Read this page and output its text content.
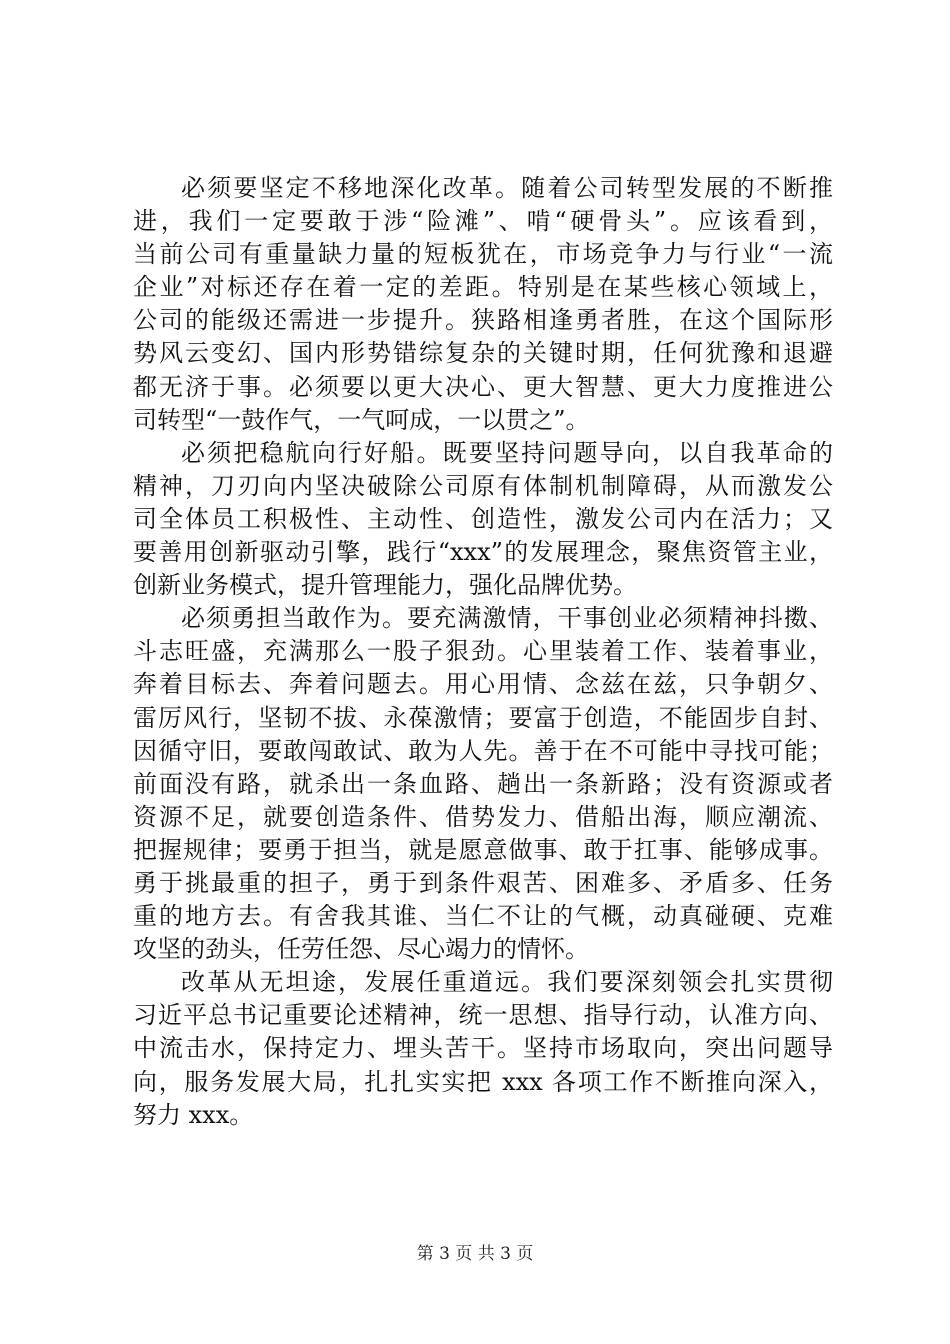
必须要坚定不移地深化改革。随着公司转型发展的不断推
进，我们一定要敢于涉“险滩”、啃“硬骨头”。应该看到，
当前公司有重量缺力量的短板犹在，市场竞争力与行业“一流
企业”对标还存在着一定的差距。特别是在某些核心领域上，
公司的能级还需进一步提升。狭路相逢勇者胜，在这个国际形
势风云变幻、国内形势错综复杂的关键时期，任何犹豫和退避
都无济于事。必须要以更大决心、更大智慧、更大力度推进公
司转型“一鼓作气，一气呵成，一以贯之”。
必须把稳航向行好船。既要坚持问题导向，以自我革命的
精神，刀刃向内坚决破除公司原有体制机制障碍，从而激发公
司全体员工积极性、主动性、创造性，激发公司内在活力；又
要善用创新驱动引擎，践行“xxx”的发展理念，聚焦资管主业，
创新业务模式，提升管理能力，强化品牌优势。
必须勇担当敢作为。要充满激情，干事创业必须精神抖擞、
斗志旺盛，充满那么一股子狠劲。心里装着工作、装着事业，
奔着目标去、奔着问题去。用心用情、念兹在兹，只争朝夕、
雷厉风行，坚韧不拔、永葆激情；要富于创造，不能固步自封、
因循守旧，要敢闯敢试、敢为人先。善于在不可能中寻找可能；
前面没有路，就杀出一条血路、趟出一条新路；没有资源或者
资源不足，就要创造条件、借势发力、借船出海，顺应潮流、
把握规律；要勇于担当，就是愿意做事、敢于扛事、能够成事。
勇于挑最重的担子，勇于到条件艰苦、困难多、矛盾多、任务
重的地方去。有舍我其谁、当仁不让的气概，动真碰硬、克难
攻坚的劲头，任劳任怨、尽心竭力的情怀。
改革从无坦途，发展任重道远。我们要深刻领会扎实贯彻
习近平总书记重要论述精神，统一思想、指导行动，认准方向、
中流击水，保持定力、埋头苦干。坚持市场取向，突出问题导
向，服务发展大局，扎扎实实把 xxx 各项工作不断推向深入，
努力 xxx。
第 3 页 共 3 页
